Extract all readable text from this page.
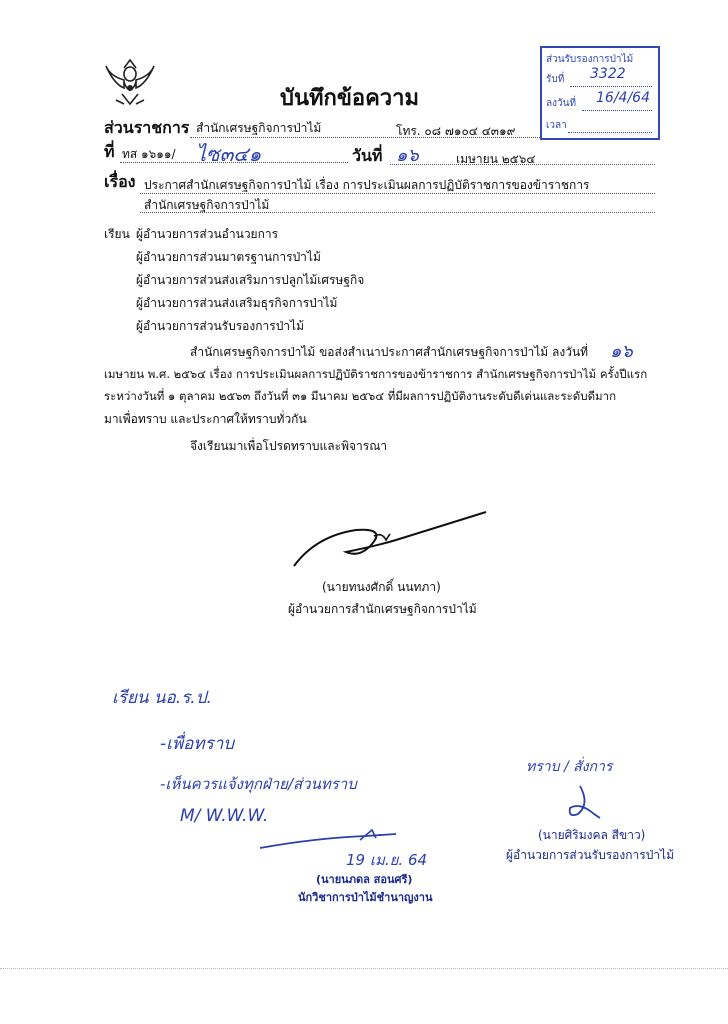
บันทึกข้อความ
ส่วนรับรองการป่าไม้
รับที่ 3322
ลงวันที่ 16/4/64
เวลา
ส่วนราชการ สำนักเศรษฐกิจการป่าไม้	โทร. ๐๘ ๗๑๐๔ ๔๓๑๙
ที่ ทส ๑๖๑๑/ ไซ๓๔๑	วันที่ ๑๖	เมษายน ๒๕๖๔
เรื่อง ประกาศสำนักเศรษฐกิจการป่าไม้ เรื่อง การประเมินผลการปฏิบัติราชการของข้าราชการ
สำนักเศรษฐกิจการป่าไม้
เรียน ผู้อำนวยการส่วนอำนวยการ
ผู้อำนวยการส่วนมาตรฐานการป่าไม้
ผู้อำนวยการส่วนส่งเสริมการปลูกไม้เศรษฐกิจ
ผู้อำนวยการส่วนส่งเสริมธุรกิจการป่าไม้
ผู้อำนวยการส่วนรับรองการป่าไม้
สำนักเศรษฐกิจการป่าไม้ ขอส่งสำเนาประกาศสำนักเศรษฐกิจการป่าไม้ ลงวันที่ ๑๖
เมษายน พ.ศ. ๒๕๖๔ เรื่อง การประเมินผลการปฏิบัติราชการของข้าราชการ สำนักเศรษฐกิจการป่าไม้ ครั้งปีแรก
ระหว่างวันที่ ๑ ตุลาคม ๒๕๖๓ ถึงวันที่ ๓๑ มีนาคม ๒๕๖๔ ที่มีผลการปฏิบัติงานระดับดีเด่นและระดับดีมาก
มาเพื่อทราบ และประกาศให้ทราบทั่วกัน
จึงเรียนมาเพื่อโปรดทราบและพิจารณา
(นายทนงศักดิ์ นนทภา)
ผู้อำนวยการสำนักเศรษฐกิจการป่าไม้
เรียน นอ.ร.ป.
-เพื่อทราบ
-เห็นควรแจ้งทุกฝ่าย/ส่วนทราบ
M/ W.W.W.
19 เม.ย. 64
(นายนภดล สอนศรี)
นักวิชาการป่าไม้ชำนาญงาน
ทราบ / สั่งการ
(นายศิริมงคล สีขาว)
ผู้อำนวยการส่วนรับรองการป่าไม้
